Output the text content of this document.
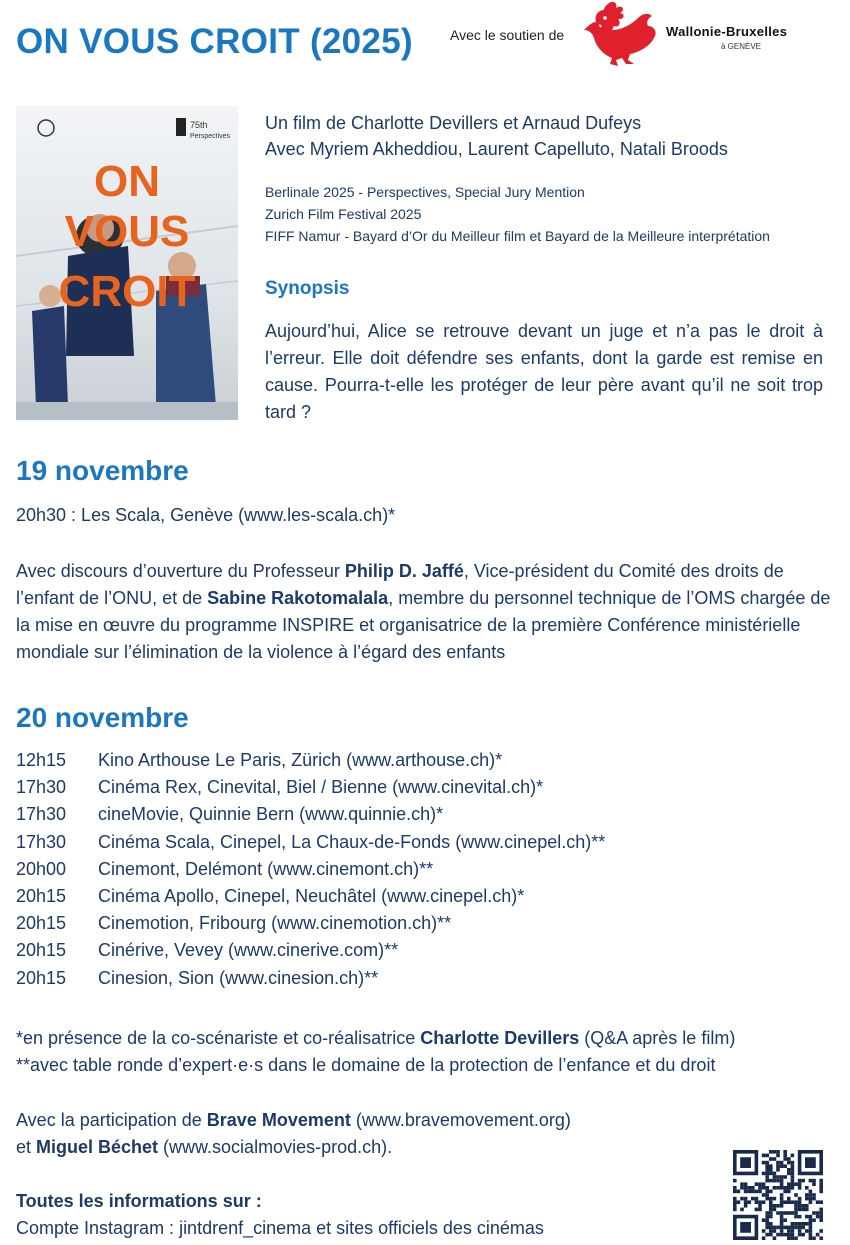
ON VOUS CROIT (2025)	Avec le soutien de	Wallonie-Bruxelles
à GENÈVE
75th
Perspectives
ON
VOUS
CROIT
Un film de Charlotte Devillers et Arnaud Dufeys
Avec Myriem Akheddiou, Laurent Capelluto, Natali Broods
Berlinale 2025 - Perspectives, Special Jury Mention
Zurich Film Festival 2025
FIFF Namur - Bayard d’Or du Meilleur film et Bayard de la Meilleure interprétation
Synopsis
Aujourd’hui, Alice se retrouve devant un juge et n’a pas le droit à l’erreur. Elle doit défendre ses enfants, dont la garde est remise en cause. Pourra-t-elle les protéger de leur père avant qu’il ne soit trop tard ?
19 novembre
20h30 : Les Scala, Genève (www.les-scala.ch)*
Avec discours d’ouverture du Professeur Philip D. Jaffé, Vice-président du Comité des droits de l’enfant de l’ONU, et de Sabine Rakotomalala, membre du personnel technique de l’OMS chargée de la mise en œuvre du programme INSPIRE et organisatrice de la première Conférence ministérielle mondiale sur l’élimination de la violence à l’égard des enfants
20 novembre
12h15	Kino Arthouse Le Paris, Zürich (www.arthouse.ch)*
17h30	Cinéma Rex, Cinevital, Biel / Bienne (www.cinevital.ch)*
17h30	cineMovie, Quinnie Bern (www.quinnie.ch)*
17h30	Cinéma Scala, Cinepel, La Chaux-de-Fonds (www.cinepel.ch)**
20h00	Cinemont, Delémont (www.cinemont.ch)**
20h15	Cinéma Apollo, Cinepel, Neuchâtel (www.cinepel.ch)*
20h15	Cinemotion, Fribourg (www.cinemotion.ch)**
20h15	Cinérive, Vevey (www.cinerive.com)**
20h15	Cinesion, Sion (www.cinesion.ch)**
*en présence de la co-scénariste et co-réalisatrice Charlotte Devillers (Q&A après le film)
**avec table ronde d’expert·e·s dans le domaine de la protection de l’enfance et du droit
Avec la participation de Brave Movement (www.bravemovement.org)
et Miguel Béchet (www.socialmovies-prod.ch).
Toutes les informations sur :
Compte Instagram : jintdrenf_cinema et sites officiels des cinémas
